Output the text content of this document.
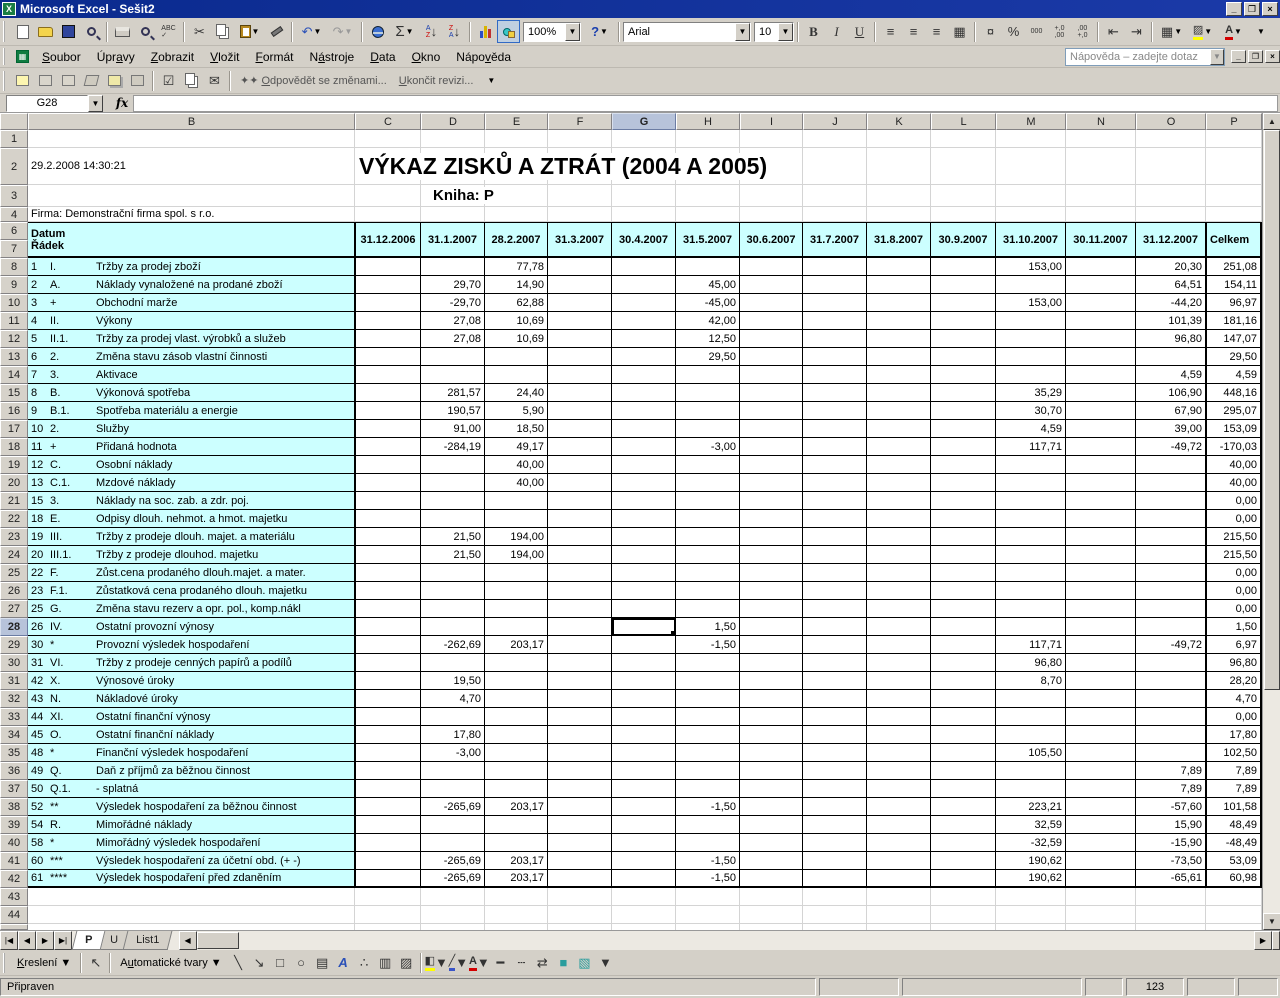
X Microsoft Excel - Sešit2	_	❐	×
ABC
✓	✂	▼	↶ ▼ ↷ ▼	Σ ▼ A
Z ↓	Z
A ↓	100%	▼	? ▼ Arial	▼	10	▼	B	I	U	≡	≡	≡	▦	¤	%	000 +,0
,00
,00
+,0	⇤ ⇥	▦ ▼ ▨ ▼ A ▼ ▼
▦	Soubor	Úpravy	Zobrazit	Vložit	Formát	Nástroje	Data	Okno	Nápověda	Nápověda – zadejte dotaz	▼	_	❐	×
☑	✉	✦✦ Odpovědět se změnami... Ukončit revizi... ▼
G28	▼	fx
B	C	D	E	F	G	H	I	J	K	L	M	N	O	P
1
2
3
4
6
7
8
9
10
11
12
13
14
15
16
17
18
19
20
21
22
23
24
25
26
27
28
29
30
31
32
33
34
35
36
37
38
39
40
41
42
43
44
29.2.2008 14:30:21	VÝKAZ ZISKŮ A ZTRÁT (2004 A 2005)
Kniha: P
Firma: Demonstrační firma spol. s r.o.
Datum
Řádek	31.12.2006	31.1.2007	28.2.2007	31.3.2007	30.4.2007	31.5.2007	30.6.2007	31.7.2007	31.8.2007	30.9.2007	31.10.2007	30.11.2007	31.12.2007	Celkem
1	I.	Tržby za prodej zboží	77,78	153,00	20,30	251,08
2	A.	Náklady vynaložené na prodané zboží	29,70	14,90	45,00	64,51	154,11
3	+	Obchodní marže	-29,70	62,88	-45,00	153,00	-44,20	96,97
4	II.	Výkony	27,08	10,69	42,00	101,39	181,16
5	II.1.	Tržby za prodej vlast. výrobků a služeb	27,08	10,69	12,50	96,80	147,07
6	2.	Změna stavu zásob vlastní činnosti	29,50	29,50
7	3.	Aktivace	4,59	4,59
8	B.	Výkonová spotřeba	281,57	24,40	35,29	106,90	448,16
9	B.1.	Spotřeba materiálu a energie	190,57	5,90	30,70	67,90	295,07
10 2.	Služby	91,00	18,50	4,59	39,00	153,09
11 +	Přidaná hodnota	-284,19	49,17	-3,00	117,71	-49,72	-170,03
12 C.	Osobní náklady	40,00	40,00
13 C.1.	Mzdové náklady	40,00	40,00
15 3.	Náklady na soc. zab. a zdr. poj.	0,00
18 E.	Odpisy dlouh. nehmot. a hmot. majetku	0,00
19 III.	Tržby z prodeje dlouh. majet. a materiálu	21,50	194,00	215,50
20 III.1.	Tržby z prodeje dlouhod. majetku	21,50	194,00	215,50
22 F.	Zůst.cena prodaného dlouh.majet. a mater.	0,00
23 F.1.	Zůstatková cena prodaného dlouh. majetku	0,00
25 G.	Změna stavu rezerv a opr. pol., komp.nákl	0,00
26 IV.	Ostatní provozní výnosy	1,50	1,50
30 *	Provozní výsledek hospodaření	-262,69	203,17	-1,50	117,71	-49,72	6,97
31 VI.	Tržby z prodeje cenných papírů a podílů	96,80	96,80
42 X.	Výnosové úroky	19,50	8,70	28,20
43 N.	Nákladové úroky	4,70	4,70
44 XI.	Ostatní finanční výnosy	0,00
45 O.	Ostatní finanční náklady	17,80	17,80
48 *	Finanční výsledek hospodaření	-3,00	105,50	102,50
49 Q.	Daň z příjmů za běžnou činnost	7,89	7,89
50 Q.1.	- splatná	7,89	7,89
52 **	Výsledek hospodaření za běžnou činnost	-265,69	203,17	-1,50	223,21	-57,60	101,58
54 R.	Mimořádné náklady	32,59	15,90	48,49
58 *	Mimořádný výsledek hospodaření	-32,59	-15,90	-48,49
60 ***	Výsledek hospodaření za účetní obd. (+ -)	-265,69	203,17	-1,50	190,62	-73,50	53,09
61 ****	Výsledek hospodaření před zdaněním	-265,69	203,17	-1,50	190,62	-65,61	60,98
▲
▼
|◀	◀	▶	▶|	P U List1	◀	▶
Kreslení ▼	↖	Automatické tvary ▼ ╲ ↘ □	○ ▤ A ∴ ▥ ▨	◧ ▼ ╱ ▼ A ▼ ━	┄ ⇄ ■ ▧ ▼
Připraven	123
